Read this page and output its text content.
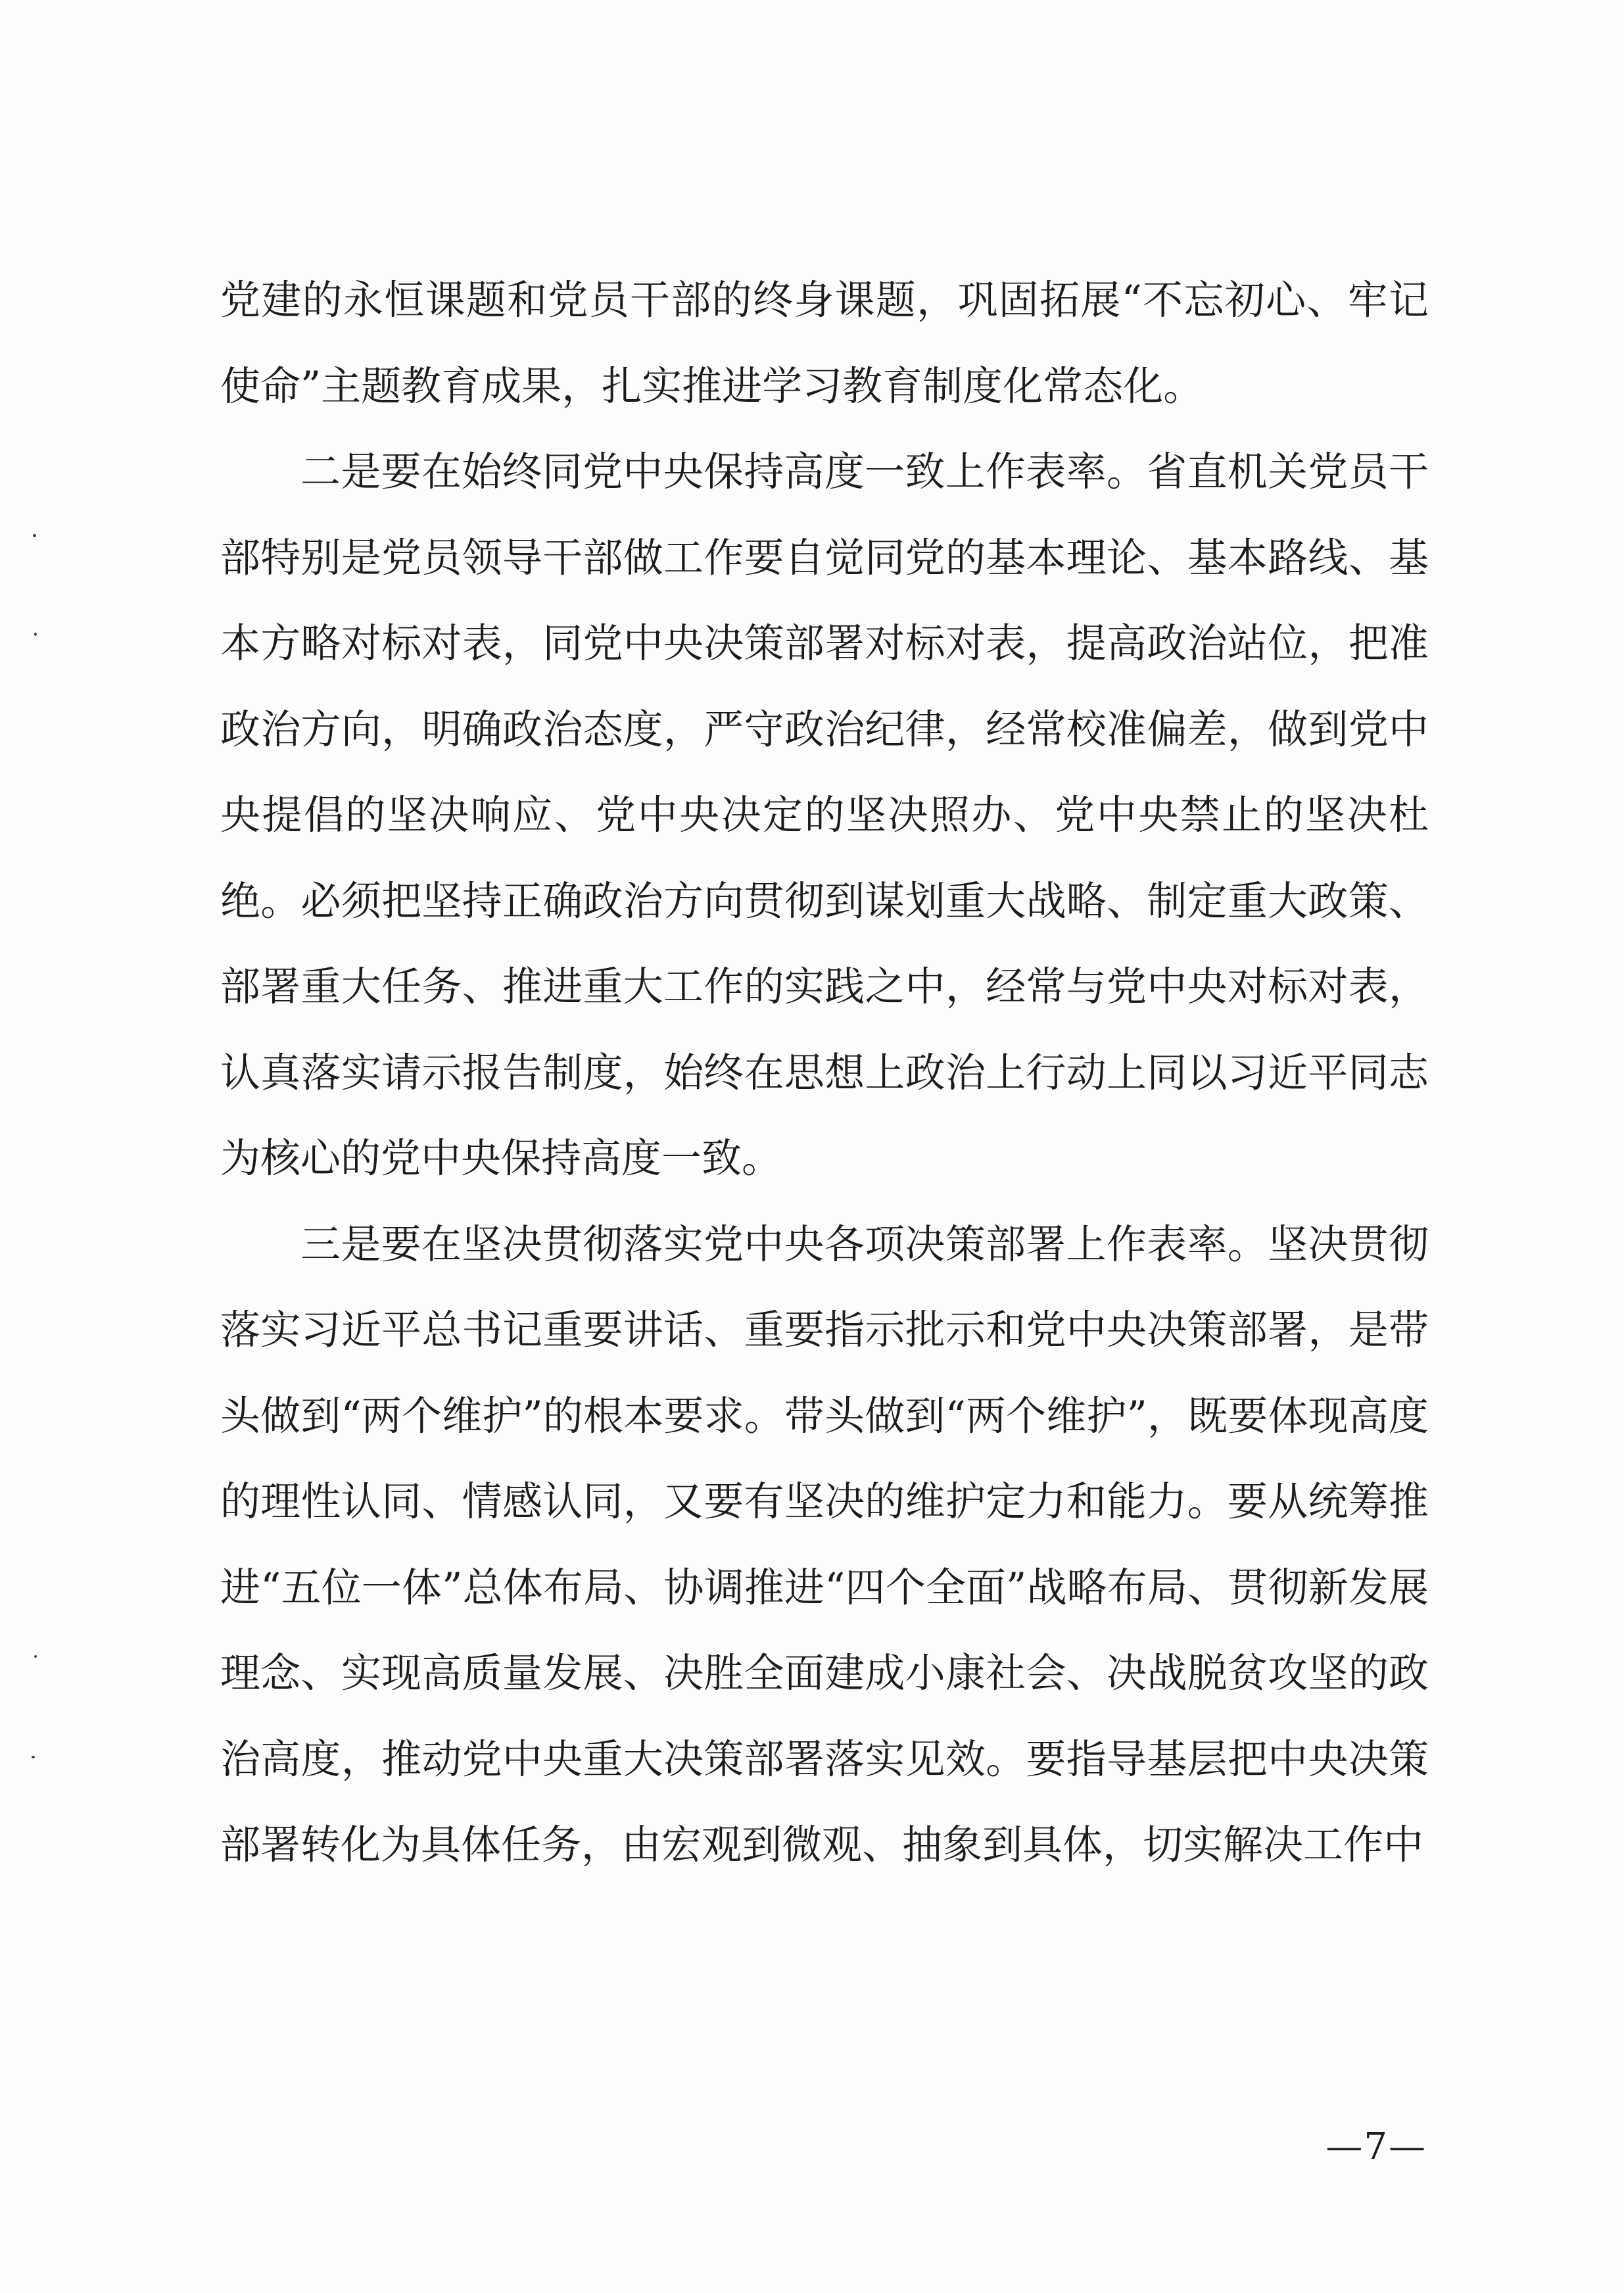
党建的永恒课题和党员干部的终身课题，巩固拓展“不忘初心、牢记使命”主题教育成果，扎实推进学习教育制度化常态化。

二是要在始终同党中央保持高度一致上作表率。省直机关党员干部特别是党员领导干部做工作要自觉同党的基本理论、基本路线、基本方略对标对表，同党中央决策部署对标对表，提高政治站位，把准政治方向，明确政治态度，严守政治纪律，经常校准偏差，做到党中央提倡的坚决响应、党中央决定的坚决照办、党中央禁止的坚决杜绝。必须把坚持正确政治方向贯彻到谋划重大战略、制定重大政策、部署重大任务、推进重大工作的实践之中，经常与党中央对标对表，认真落实请示报告制度，始终在思想上政治上行动上同以习近平同志为核心的党中央保持高度一致。

三是要在坚决贯彻落实党中央各项决策部署上作表率。坚决贯彻落实习近平总书记重要讲话、重要指示批示和党中央决策部署，是带头做到“两个维护”的根本要求。带头做到“两个维护”，既要体现高度的理性认同、情感认同，又要有坚决的维护定力和能力。要从统筹推进“五位一体”总体布局、协调推进“四个全面”战略布局、贯彻新发展理念、实现高质量发展、决胜全面建成小康社会、决战脱贫攻坚的政治高度，推动党中央重大决策部署落实见效。要指导基层把中央决策部署转化为具体任务，由宏观到微观、抽象到具体，切实解决工作中

—7—
